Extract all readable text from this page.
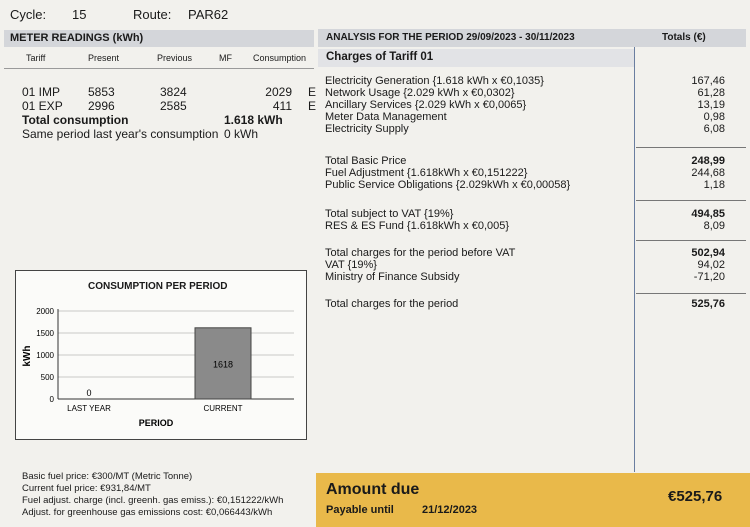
Cycle: 15	Route: PAR62
METER READINGS (kWh)
Tariff	Present	Previous	MF Consumption
01 IMP 5853	3824	2029 E
01 EXP 2996	2585	411 E
Total consumption	1.618 kWh
Same period last year's consumption 0 kWh
CONSUMPTION PER PERIOD
kWh
PERIOD
0
500
1000
1500
2000
0
LAST YEAR
1618
CURRENT
Basic fuel price: €300/MT (Metric Tonne)
Current fuel price: €931,84/MT
Fuel adjust. charge (incl. greenh. gas emiss.): €0,151222/kWh
Adjust. for greenhouse gas emissions cost: €0,066443/kWh
ANALYSIS FOR THE PERIOD 29/09/2023 - 30/11/2023	Totals (€)
Charges of Tariff 01
Electricity Generation {1.618 kWh x €0,1035}	167,46
Network Usage {2.029 kWh x €0,0302}	61,28
Ancillary Services {2.029 kWh x €0,0065}	13,19
Meter Data Management	0,98
Electricity Supply	6,08
Total Basic Price	248,99
Fuel Adjustment {1.618kWh x €0,151222}	244,68
Public Service Obligations {2.029kWh x €0,00058}	1,18
Total subject to VAT {19%}	494,85
RES & ES Fund {1.618kWh x €0,005}	8,09
Total charges for the period before VAT	502,94
VAT {19%}	94,02
Ministry of Finance Subsidy	-71,20
Total charges for the period	525,76
Amount due
Payable until	21/12/2023
€525,76
